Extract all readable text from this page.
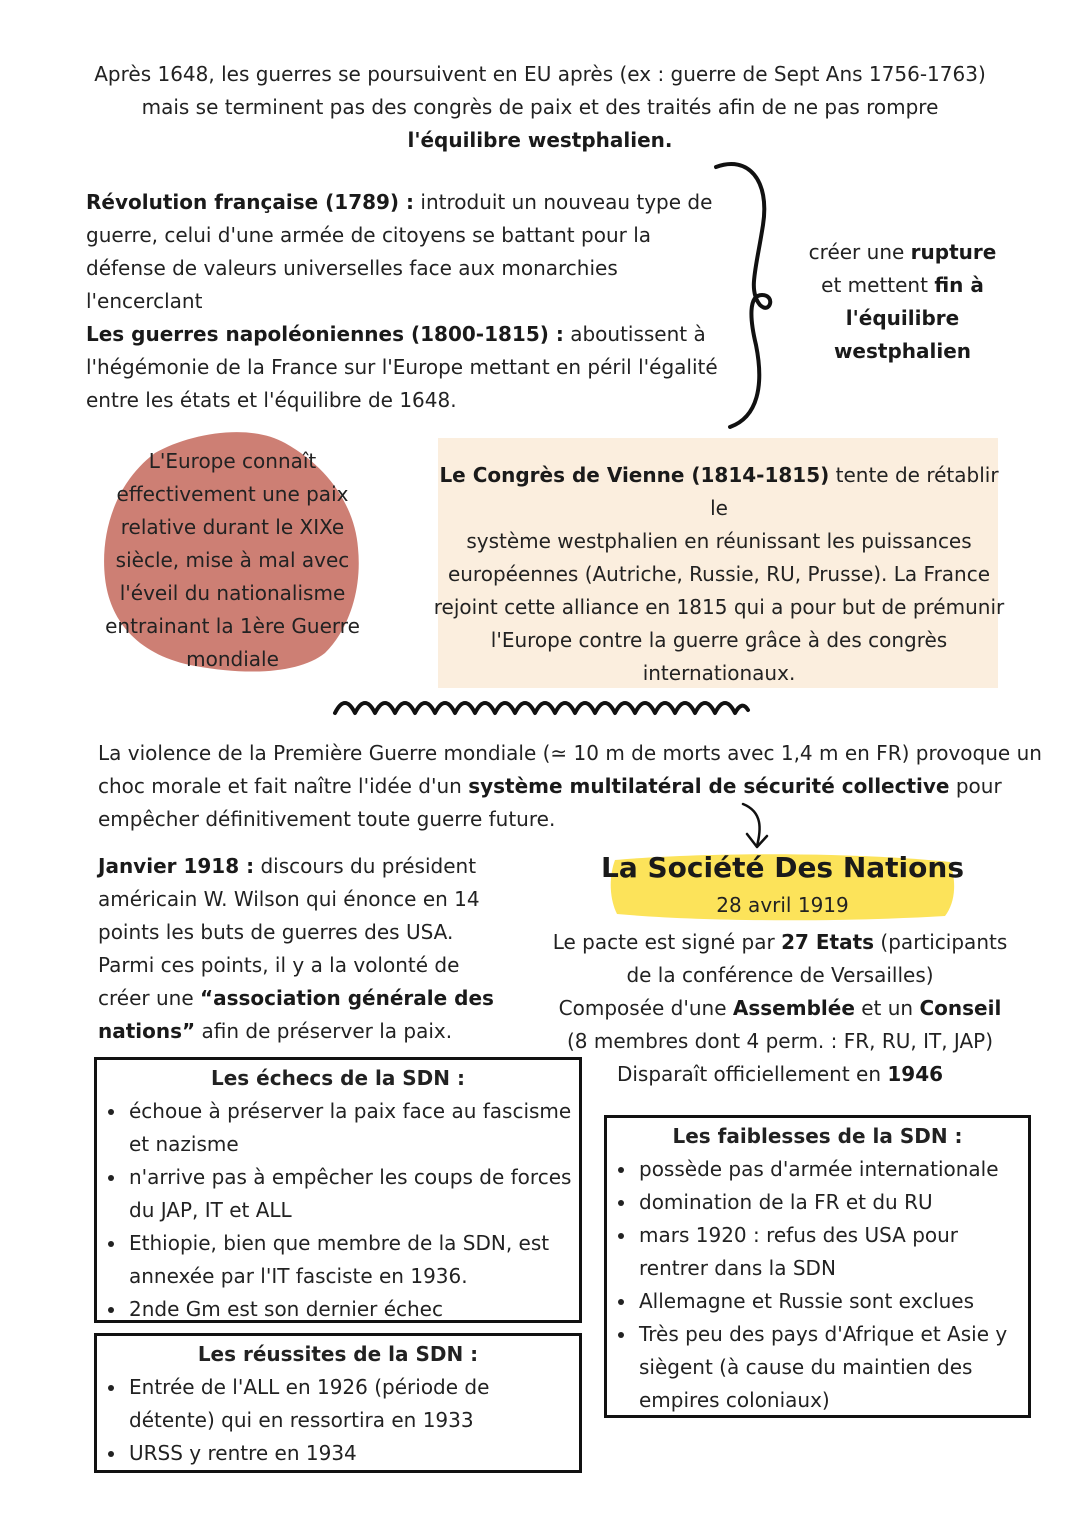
Après 1648, les guerres se poursuivent en EU après (ex : guerre de Sept Ans 1756-1763)
mais se terminent pas des congrès de paix et des traités afin de ne pas rompre
l'équilibre westphalien.
Révolution française (1789) : introduit un nouveau type de
guerre, celui d'une armée de citoyens se battant pour la
défense de valeurs universelles face aux monarchies
l'encerclant
Les guerres napoléoniennes (1800-1815) : aboutissent à
l'hégémonie de la France sur l'Europe mettant en péril l'égalité
entre les états et l'équilibre de 1648.
créer une rupture
et mettent fin à
l'équilibre
westphalien
L'Europe connaît
effectivement une paix
relative durant le XIXe
siècle, mise à mal avec
l'éveil du nationalisme
entrainant la 1ère Guerre
mondiale
Le Congrès de Vienne (1814-1815) tente de rétablir le
système westphalien en réunissant les puissances
européennes (Autriche, Russie, RU, Prusse). La France
rejoint cette alliance en 1815 qui a pour but de prémunir
l'Europe contre la guerre grâce à des congrès
internationaux.
La violence de la Première Guerre mondiale (≃ 10 m de morts avec 1,4 m en FR) provoque un
choc morale et fait naître l'idée d'un système multilatéral de sécurité collective pour
empêcher définitivement toute guerre future.
Janvier 1918 : discours du président
américain W. Wilson qui énonce en 14
points les buts de guerres des USA.
Parmi ces points, il y a la volonté de
créer une “association générale des
nations” afin de préserver la paix.
La Société Des Nations
28 avril 1919
Le pacte est signé par 27 Etats (participants
de la conférence de Versailles)
Composée d'une Assemblée et un Conseil
(8 membres dont 4 perm. : FR, RU, IT, JAP)
Disparaît officiellement en 1946
Les échecs de la SDN :
• échoue à préserver la paix face au fascisme et nazisme
• n'arrive pas à empêcher les coups de forces du JAP, IT et ALL
• Ethiopie, bien que membre de la SDN, est annexée par l'IT fasciste en 1936.
• 2nde Gm est son dernier échec
Les réussites de la SDN :
• Entrée de l'ALL en 1926 (période de détente) qui en ressortira en 1933
• URSS y rentre en 1934
Les faiblesses de la SDN :
• possède pas d'armée internationale
• domination de la FR et du RU
• mars 1920 : refus des USA pour rentrer dans la SDN
• Allemagne et Russie sont exclues
• Très peu des pays d'Afrique et Asie y siègent (à cause du maintien des empires coloniaux)
